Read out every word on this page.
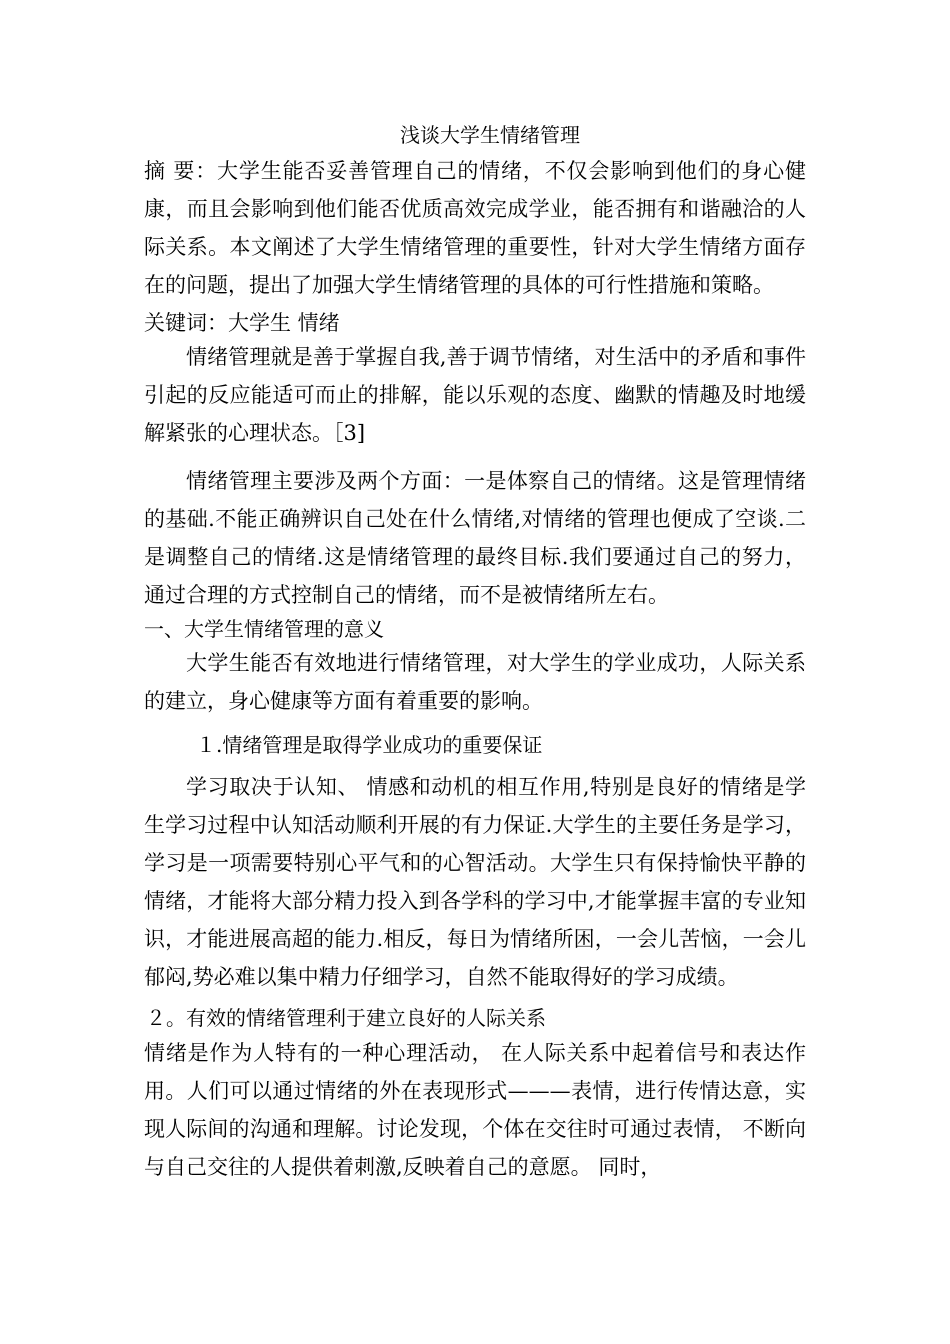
浅谈大学生情绪管理

摘 要：大学生能否妥善管理自己的情绪，不仅会影响到他们的身心健康，而且会影响到他们能否优质高效完成学业，能否拥有和谐融洽的人际关系。本文阐述了大学生情绪管理的重要性，针对大学生情绪方面存在的问题，提出了加强大学生情绪管理的具体的可行性措施和策略。

关键词：大学生 情绪

情绪管理就是善于掌握自我,善于调节情绪，对生活中的矛盾和事件引起的反应能适可而止的排解，能以乐观的态度、幽默的情趣及时地缓解紧张的心理状态。［3]

情绪管理主要涉及两个方面：一是体察自己的情绪。这是管理情绪的基础.不能正确辨识自己处在什么情绪,对情绪的管理也便成了空谈.二是调整自己的情绪.这是情绪管理的最终目标.我们要通过自己的努力，通过合理的方式控制自己的情绪，而不是被情绪所左右。

一、大学生情绪管理的意义

大学生能否有效地进行情绪管理，对大学生的学业成功，人际关系的建立，身心健康等方面有着重要的影响。

１.情绪管理是取得学业成功的重要保证

学习取决于认知、 情感和动机的相互作用,特别是良好的情绪是学生学习过程中认知活动顺利开展的有力保证.大学生的主要任务是学习，学习是一项需要特别心平气和的心智活动。大学生只有保持愉快平静的情绪，才能将大部分精力投入到各学科的学习中,才能掌握丰富的专业知识，才能进展高超的能力.相反，每日为情绪所困，一会儿苦恼，一会儿郁闷,势必难以集中精力仔细学习，自然不能取得好的学习成绩。

２。有效的情绪管理利于建立良好的人际关系

情绪是作为人特有的一种心理活动， 在人际关系中起着信号和表达作用。人们可以通过情绪的外在表现形式———表情，进行传情达意，实现人际间的沟通和理解。讨论发现，个体在交往时可通过表情， 不断向与自己交往的人提供着刺激,反映着自己的意愿。 同时，
